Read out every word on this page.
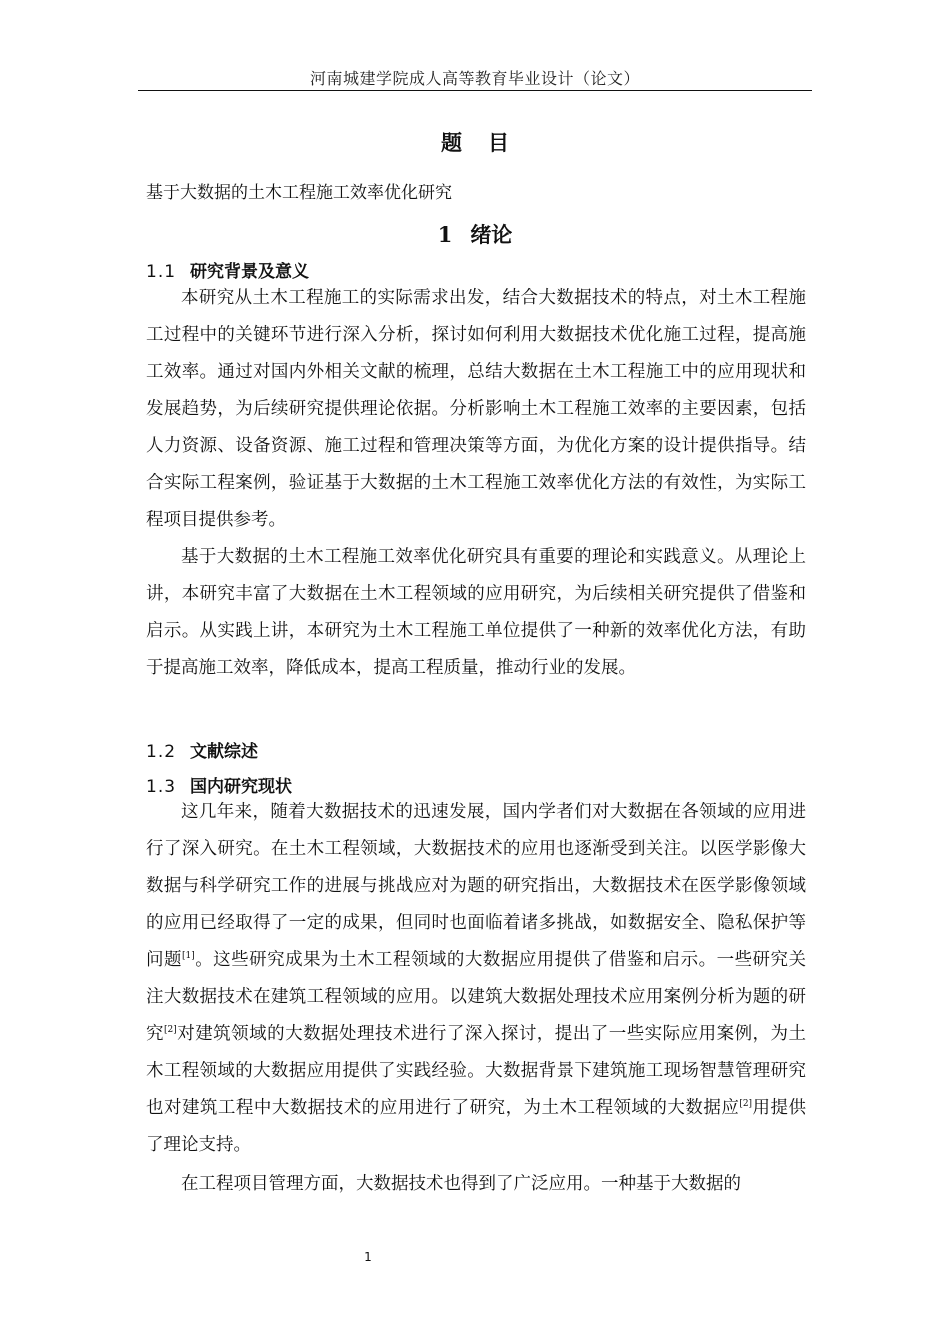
河南城建学院成人高等教育毕业设计（论文）
题目
基于大数据的土木工程施工效率优化研究
1 绪论
1.1 研究背景及意义

本研究从土木工程施工的实际需求出发，结合大数据技术的特点，对土木工程施工过程中的关键环节进行深入分析，探讨如何利用大数据技术优化施工过程，提高施工效率。通过对国内外相关文献的梳理，总结大数据在土木工程施工中的应用现状和发展趋势，为后续研究提供理论依据。分析影响土木工程施工效率的主要因素，包括人力资源、设备资源、施工过程和管理决策等方面，为优化方案的设计提供指导。结合实际工程案例，验证基于大数据的土木工程施工效率优化方法的有效性，为实际工程项目提供参考。

基于大数据的土木工程施工效率优化研究具有重要的理论和实践意义。从理论上讲，本研究丰富了大数据在土木工程领域的应用研究，为后续相关研究提供了借鉴和启示。从实践上讲，本研究为土木工程施工单位提供了一种新的效率优化方法，有助于提高施工效率，降低成本，提高工程质量，推动行业的发展。

1.2 文献综述
1.3 国内研究现状

这几年来，随着大数据技术的迅速发展，国内学者们对大数据在各领域的应用进行了深入研究。在土木工程领域，大数据技术的应用也逐渐受到关注。以医学影像大数据与科学研究工作的进展与挑战应对为题的研究指出，大数据技术在医学影像领域的应用已经取得了一定的成果，但同时也面临着诸多挑战，如数据安全、隐私保护等问题[1]。这些研究成果为土木工程领域的大数据应用提供了借鉴和启示。一些研究关注大数据技术在建筑工程领域的应用。以建筑大数据处理技术应用案例分析为题的研究[2]对建筑领域的大数据处理技术进行了深入探讨，提出了一些实际应用案例，为土木工程领域的大数据应用提供了实践经验。大数据背景下建筑施工现场智慧管理研究也对建筑工程中大数据技术的应用进行了研究，为土木工程领域的大数据应[2]用提供了理论支持。

在工程项目管理方面，大数据技术也得到了广泛应用。一种基于大数据的

1
